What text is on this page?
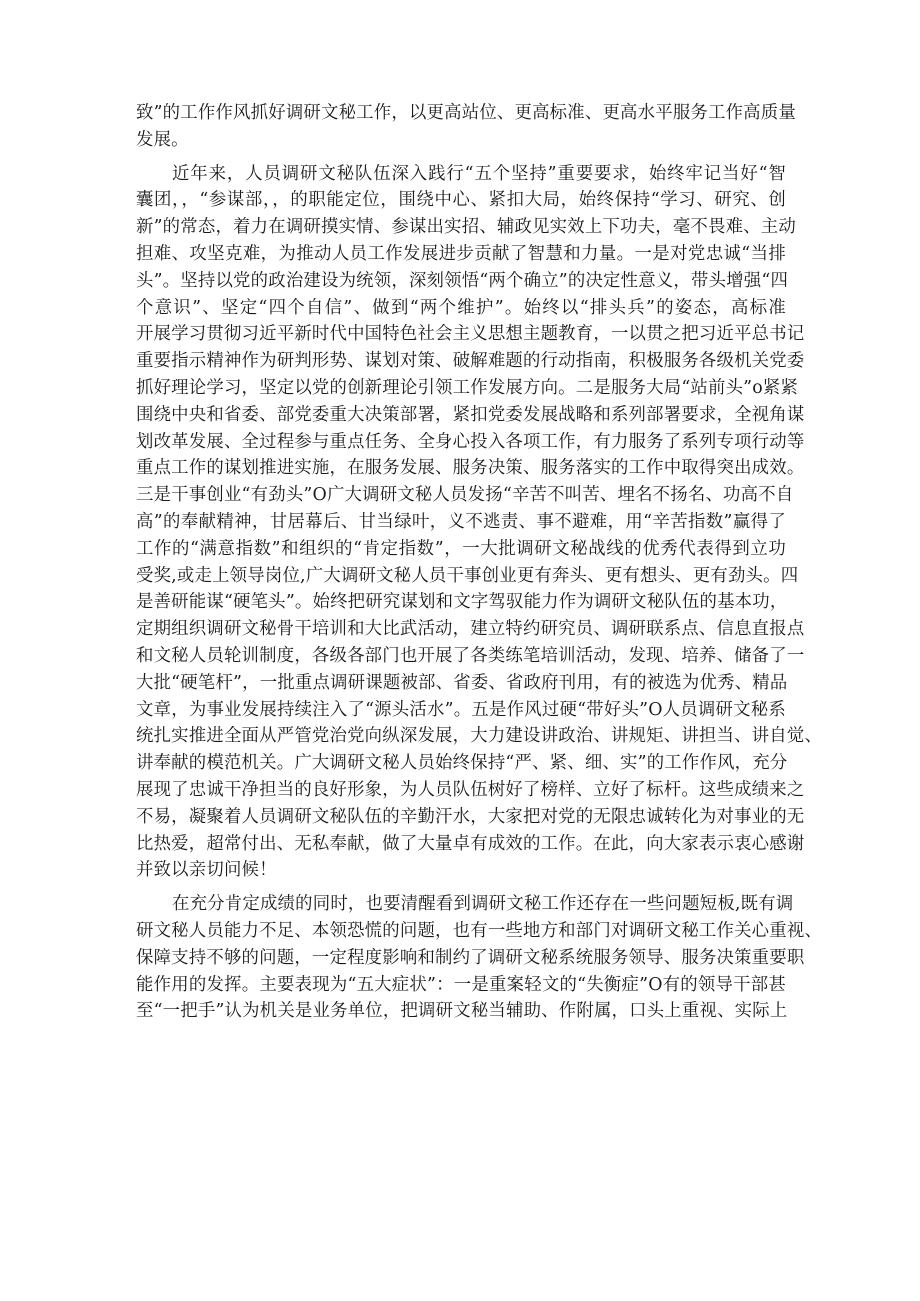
致”的工作作风抓好调研文秘工作，以更高站位、更高标准、更高水平服务工作高质量
发展。
近年来，人员调研文秘队伍深入践行“五个坚持”重要要求，始终牢记当好“智
囊团，，“参谋部，，的职能定位，围绕中心、紧扣大局，始终保持“学习、研究、创
新”的常态，着力在调研摸实情、参谋出实招、辅政见实效上下功夫，毫不畏难、主动
担难、攻坚克难，为推动人员工作发展进步贡献了智慧和力量。一是对党忠诚“当排
头”。坚持以党的政治建设为统领，深刻领悟“两个确立”的决定性意义，带头增强“四
个意识”、坚定“四个自信”、做到“两个维护”。始终以“排头兵”的姿态，高标准
开展学习贯彻习近平新时代中国特色社会主义思想主题教育，一以贯之把习近平总书记
重要指示精神作为研判形势、谋划对策、破解难题的行动指南，积极服务各级机关党委
抓好理论学习，坚定以党的创新理论引领工作发展方向。二是服务大局“站前头”o紧紧
围绕中央和省委、部党委重大决策部署，紧扣党委发展战略和系列部署要求，全视角谋
划改革发展、全过程参与重点任务、全身心投入各项工作，有力服务了系列专项行动等
重点工作的谋划推进实施，在服务发展、服务决策、服务落实的工作中取得突出成效。
三是干事创业“有劲头”O广大调研文秘人员发扬“辛苦不叫苦、埋名不扬名、功高不自
高”的奉献精神，甘居幕后、甘当绿叶，义不逃责、事不避难，用“辛苦指数”赢得了
工作的“满意指数”和组织的“肯定指数”，一大批调研文秘战线的优秀代表得到立功
受奖,或走上领导岗位,广大调研文秘人员干事创业更有奔头、更有想头、更有劲头。四
是善研能谋“硬笔头”。始终把研究谋划和文字驾驭能力作为调研文秘队伍的基本功，
定期组织调研文秘骨干培训和大比武活动，建立特约研究员、调研联系点、信息直报点
和文秘人员轮训制度，各级各部门也开展了各类练笔培训活动，发现、培养、储备了一
大批“硬笔杆”，一批重点调研课题被部、省委、省政府刊用，有的被选为优秀、精品
文章，为事业发展持续注入了“源头活水”。五是作风过硬“带好头”O人员调研文秘系
统扎实推进全面从严管党治党向纵深发展，大力建设讲政治、讲规矩、讲担当、讲自觉、
讲奉献的模范机关。广大调研文秘人员始终保持“严、紧、细、实”的工作作风，充分
展现了忠诚干净担当的良好形象，为人员队伍树好了榜样、立好了标杆。这些成绩来之
不易，凝聚着人员调研文秘队伍的辛勤汗水，大家把对党的无限忠诚转化为对事业的无
比热爱，超常付出、无私奉献，做了大量卓有成效的工作。在此，向大家表示衷心感谢
并致以亲切问候！
在充分肯定成绩的同时，也要清醒看到调研文秘工作还存在一些问题短板,既有调
研文秘人员能力不足、本领恐慌的问题，也有一些地方和部门对调研文秘工作关心重视、
保障支持不够的问题，一定程度影响和制约了调研文秘系统服务领导、服务决策重要职
能作用的发挥。主要表现为“五大症状”：一是重案轻文的“失衡症”O有的领导干部甚
至“一把手”认为机关是业务单位，把调研文秘当辅助、作附属，口头上重视、实际上
